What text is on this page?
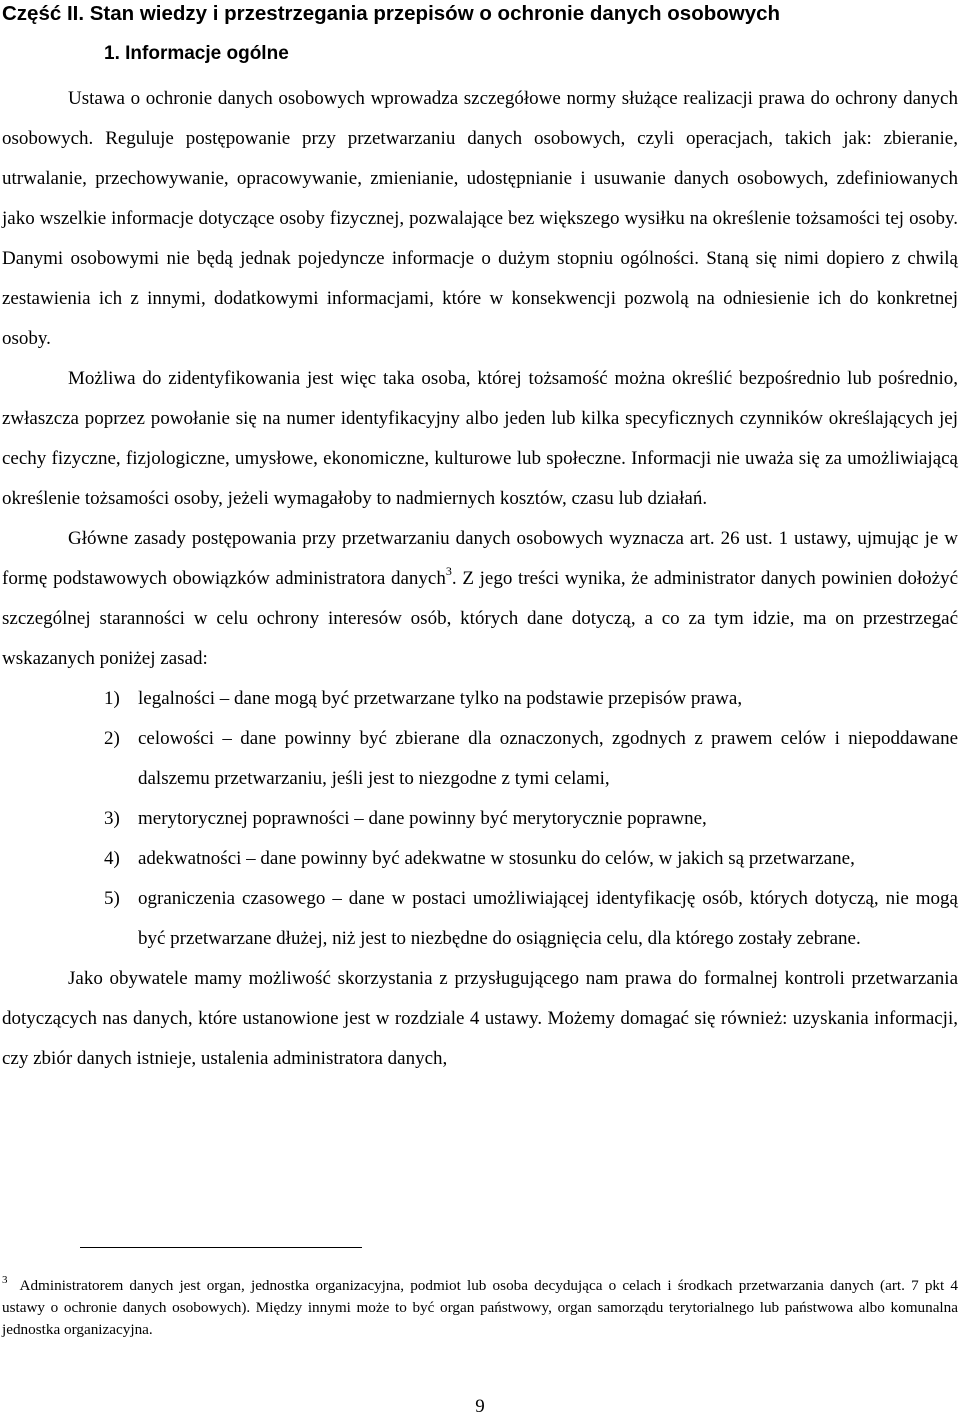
Część II. Stan wiedzy i przestrzegania przepisów o ochronie danych osobowych
1. Informacje ogólne

Ustawa o ochronie danych osobowych wprowadza szczegółowe normy służące realizacji prawa do ochrony danych osobowych. Reguluje postępowanie przy przetwarzaniu danych osobowych, czyli operacjach, takich jak: zbieranie, utrwalanie, przechowywanie, opracowywanie, zmienianie, udostępnianie i usuwanie danych osobowych, zdefiniowanych jako wszelkie informacje dotyczące osoby fizycznej, pozwalające bez większego wysiłku na określenie tożsamości tej osoby. Danymi osobowymi nie będą jednak pojedyncze informacje o dużym stopniu ogólności. Staną się nimi dopiero z chwilą zestawienia ich z innymi, dodatkowymi informacjami, które w konsekwencji pozwolą na odniesienie ich do konkretnej osoby.

Możliwa do zidentyfikowania jest więc taka osoba, której tożsamość można określić bezpośrednio lub pośrednio, zwłaszcza poprzez powołanie się na numer identyfikacyjny albo jeden lub kilka specyficznych czynników określających jej cechy fizyczne, fizjologiczne, umysłowe, ekonomiczne, kulturowe lub społeczne. Informacji nie uważa się za umożliwiającą określenie tożsamości osoby, jeżeli wymagałoby to nadmiernych kosztów, czasu lub działań.

Główne zasady postępowania przy przetwarzaniu danych osobowych wyznacza art. 26 ust. 1 ustawy, ujmując je w formę podstawowych obowiązków administratora danych$^3$. Z jego treści wynika, że administrator danych powinien dołożyć szczególnej staranności w celu ochrony interesów osób, których dane dotyczą, a co za tym idzie, ma on przestrzegać wskazanych poniżej zasad:

1) legalności – dane mogą być przetwarzane tylko na podstawie przepisów prawa,
2) celowości – dane powinny być zbierane dla oznaczonych, zgodnych z prawem celów i niepoddawane dalszemu przetwarzaniu, jeśli jest to niezgodne z tymi celami,
3) merytorycznej poprawności – dane powinny być merytorycznie poprawne,
4) adekwatności – dane powinny być adekwatne w stosunku do celów, w jakich są przetwarzane,
5) ograniczenia czasowego – dane w postaci umożliwiającej identyfikację osób, których dotyczą, nie mogą być przetwarzane dłużej, niż jest to niezbędne do osiągnięcia celu, dla którego zostały zebrane.

Jako obywatele mamy możliwość skorzystania z przysługującego nam prawa do formalnej kontroli przetwarzania dotyczących nas danych, które ustanowione jest w rozdziale 4 ustawy. Możemy domagać się również: uzyskania informacji, czy zbiór danych istnieje, ustalenia administratora danych,

$^3$ Administratorem danych jest organ, jednostka organizacyjna, podmiot lub osoba decydująca o celach i środkach przetwarzania danych (art. 7 pkt 4 ustawy o ochronie danych osobowych). Między innymi może to być organ państwowy, organ samorządu terytorialnego lub państwowa albo komunalna jednostka organizacyjna.
9
